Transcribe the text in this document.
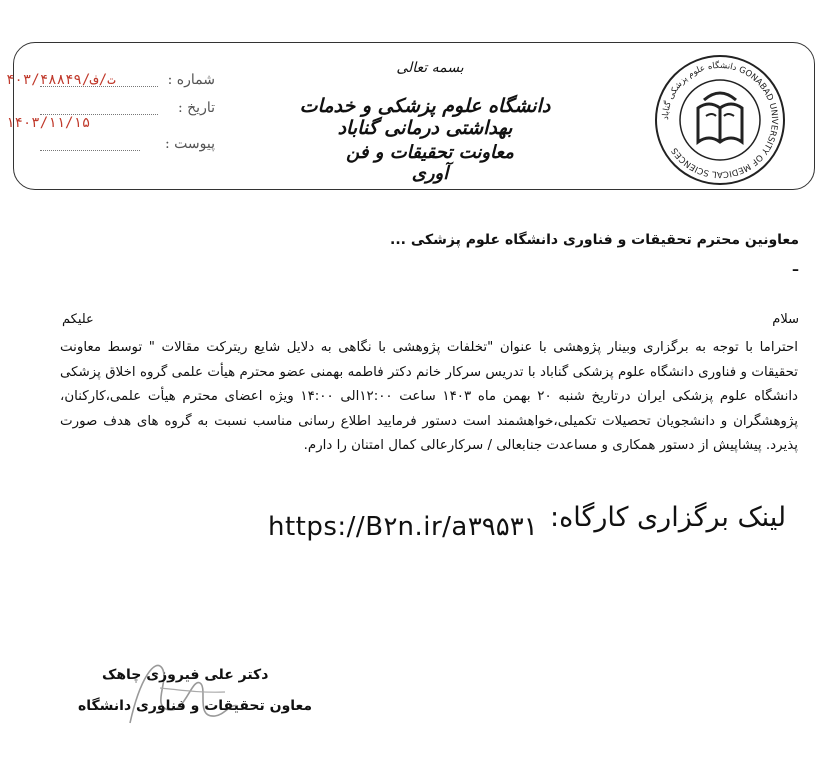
دانشگاه علوم پزشکی گناباد GONABAD UNIVERSITY OF MEDICAL SCIENCES
بسمه تعالی
دانشگاه علوم پزشکی و خدمات بهداشتی درمانی گناباد
معاونت تحقیقات و فن آوری
شماره :
۴۰۳/ت/ف/۴۸۸۴۹
تاریخ :
۱۴۰۳/۱۱/۱۵
پیوست :
معاونین محترم تحقیقات و فناوری دانشگاه علوم پزشکی ...
–
سلام
علیکم
احتراما با توجه به برگزاری وبینار پژوهشی با عنوان "تخلفات پژوهشی با نگاهی به دلایل شایع ریترکت مقالات " توسط معاونت تحقیقات و فناوری دانشگاه علوم پزشکی گناباد با تدریس سرکار خانم دکتر فاطمه بهمنی عضو محترم هیأت علمی گروه اخلاق پزشکی دانشگاه علوم پزشکی ایران درتاریخ شنبه ۲۰ بهمن ماه ۱۴۰۳ ساعت ۱۲:۰۰الی ۱۴:۰۰ ویژه اعضای محترم هیأت علمی،کارکنان، پژوهشگران و دانشجویان تحصیلات تکمیلی،خواهشمند است دستور فرمایید اطلاع رسانی مناسب نسبت به گروه های هدف صورت پذیرد. پیشاپیش از دستور همکاری و مساعدت جنابعالی / سرکارعالی کمال امتنان را دارم.
لینک برگزاری کارگاه:
https://B۲n.ir/a۳۹۵۳۱
دکتر علی فیروزی چاهک
معاون تحقیقات و فناوری دانشگاه
